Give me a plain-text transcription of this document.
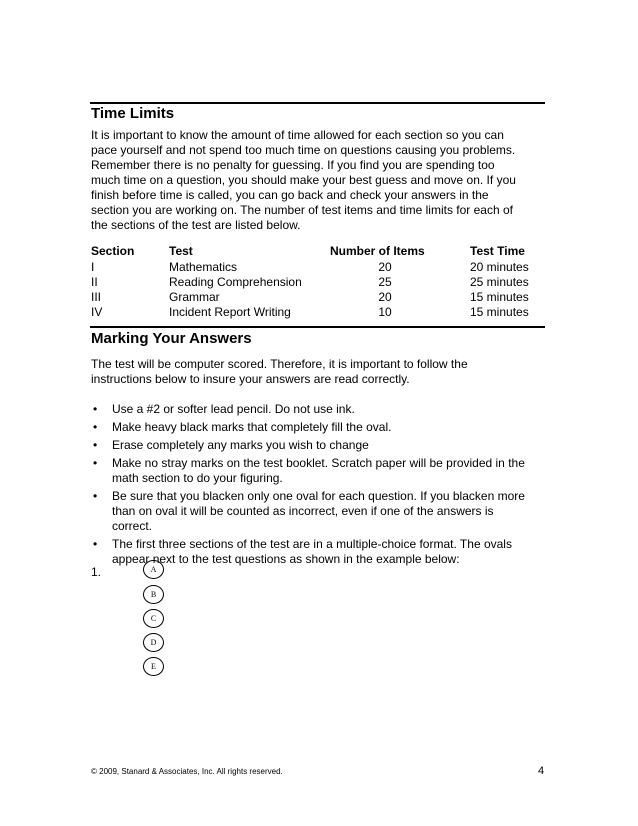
Time Limits

It is important to know the amount of time allowed for each section so you can
pace yourself and not spend too much time on questions causing you problems.
Remember there is no penalty for guessing. If you find you are spending too
much time on a question, you should make your best guess and move on. If you
finish before time is called, you can go back and check your answers in the
section you are working on. The number of test items and time limits for each of
the sections of the test are listed below.

Section	Test	Number of Items	Test Time
I	Mathematics	20	20 minutes
II	Reading Comprehension	25	25 minutes
III	Grammar	20	15 minutes
IV	Incident Report Writing	10	15 minutes
Marking Your Answers

The test will be computer scored. Therefore, it is important to follow the
instructions below to insure your answers are read correctly.

• Use a #2 or softer lead pencil. Do not use ink.
• Make heavy black marks that completely fill the oval.
• Erase completely any marks you wish to change
• Make no stray marks on the test booklet. Scratch paper will be provided in the
math section to do your figuring.
• Be sure that you blacken only one oval for each question. If you blacken more
than on oval it will be counted as incorrect, even if one of the answers is
correct.
• The first three sections of the test are in a multiple-choice format. The ovals
appear next to the test questions as shown in the example below:
1.	A
B
C
D
E
© 2009, Stanard & Associates, Inc. All rights reserved.	4
